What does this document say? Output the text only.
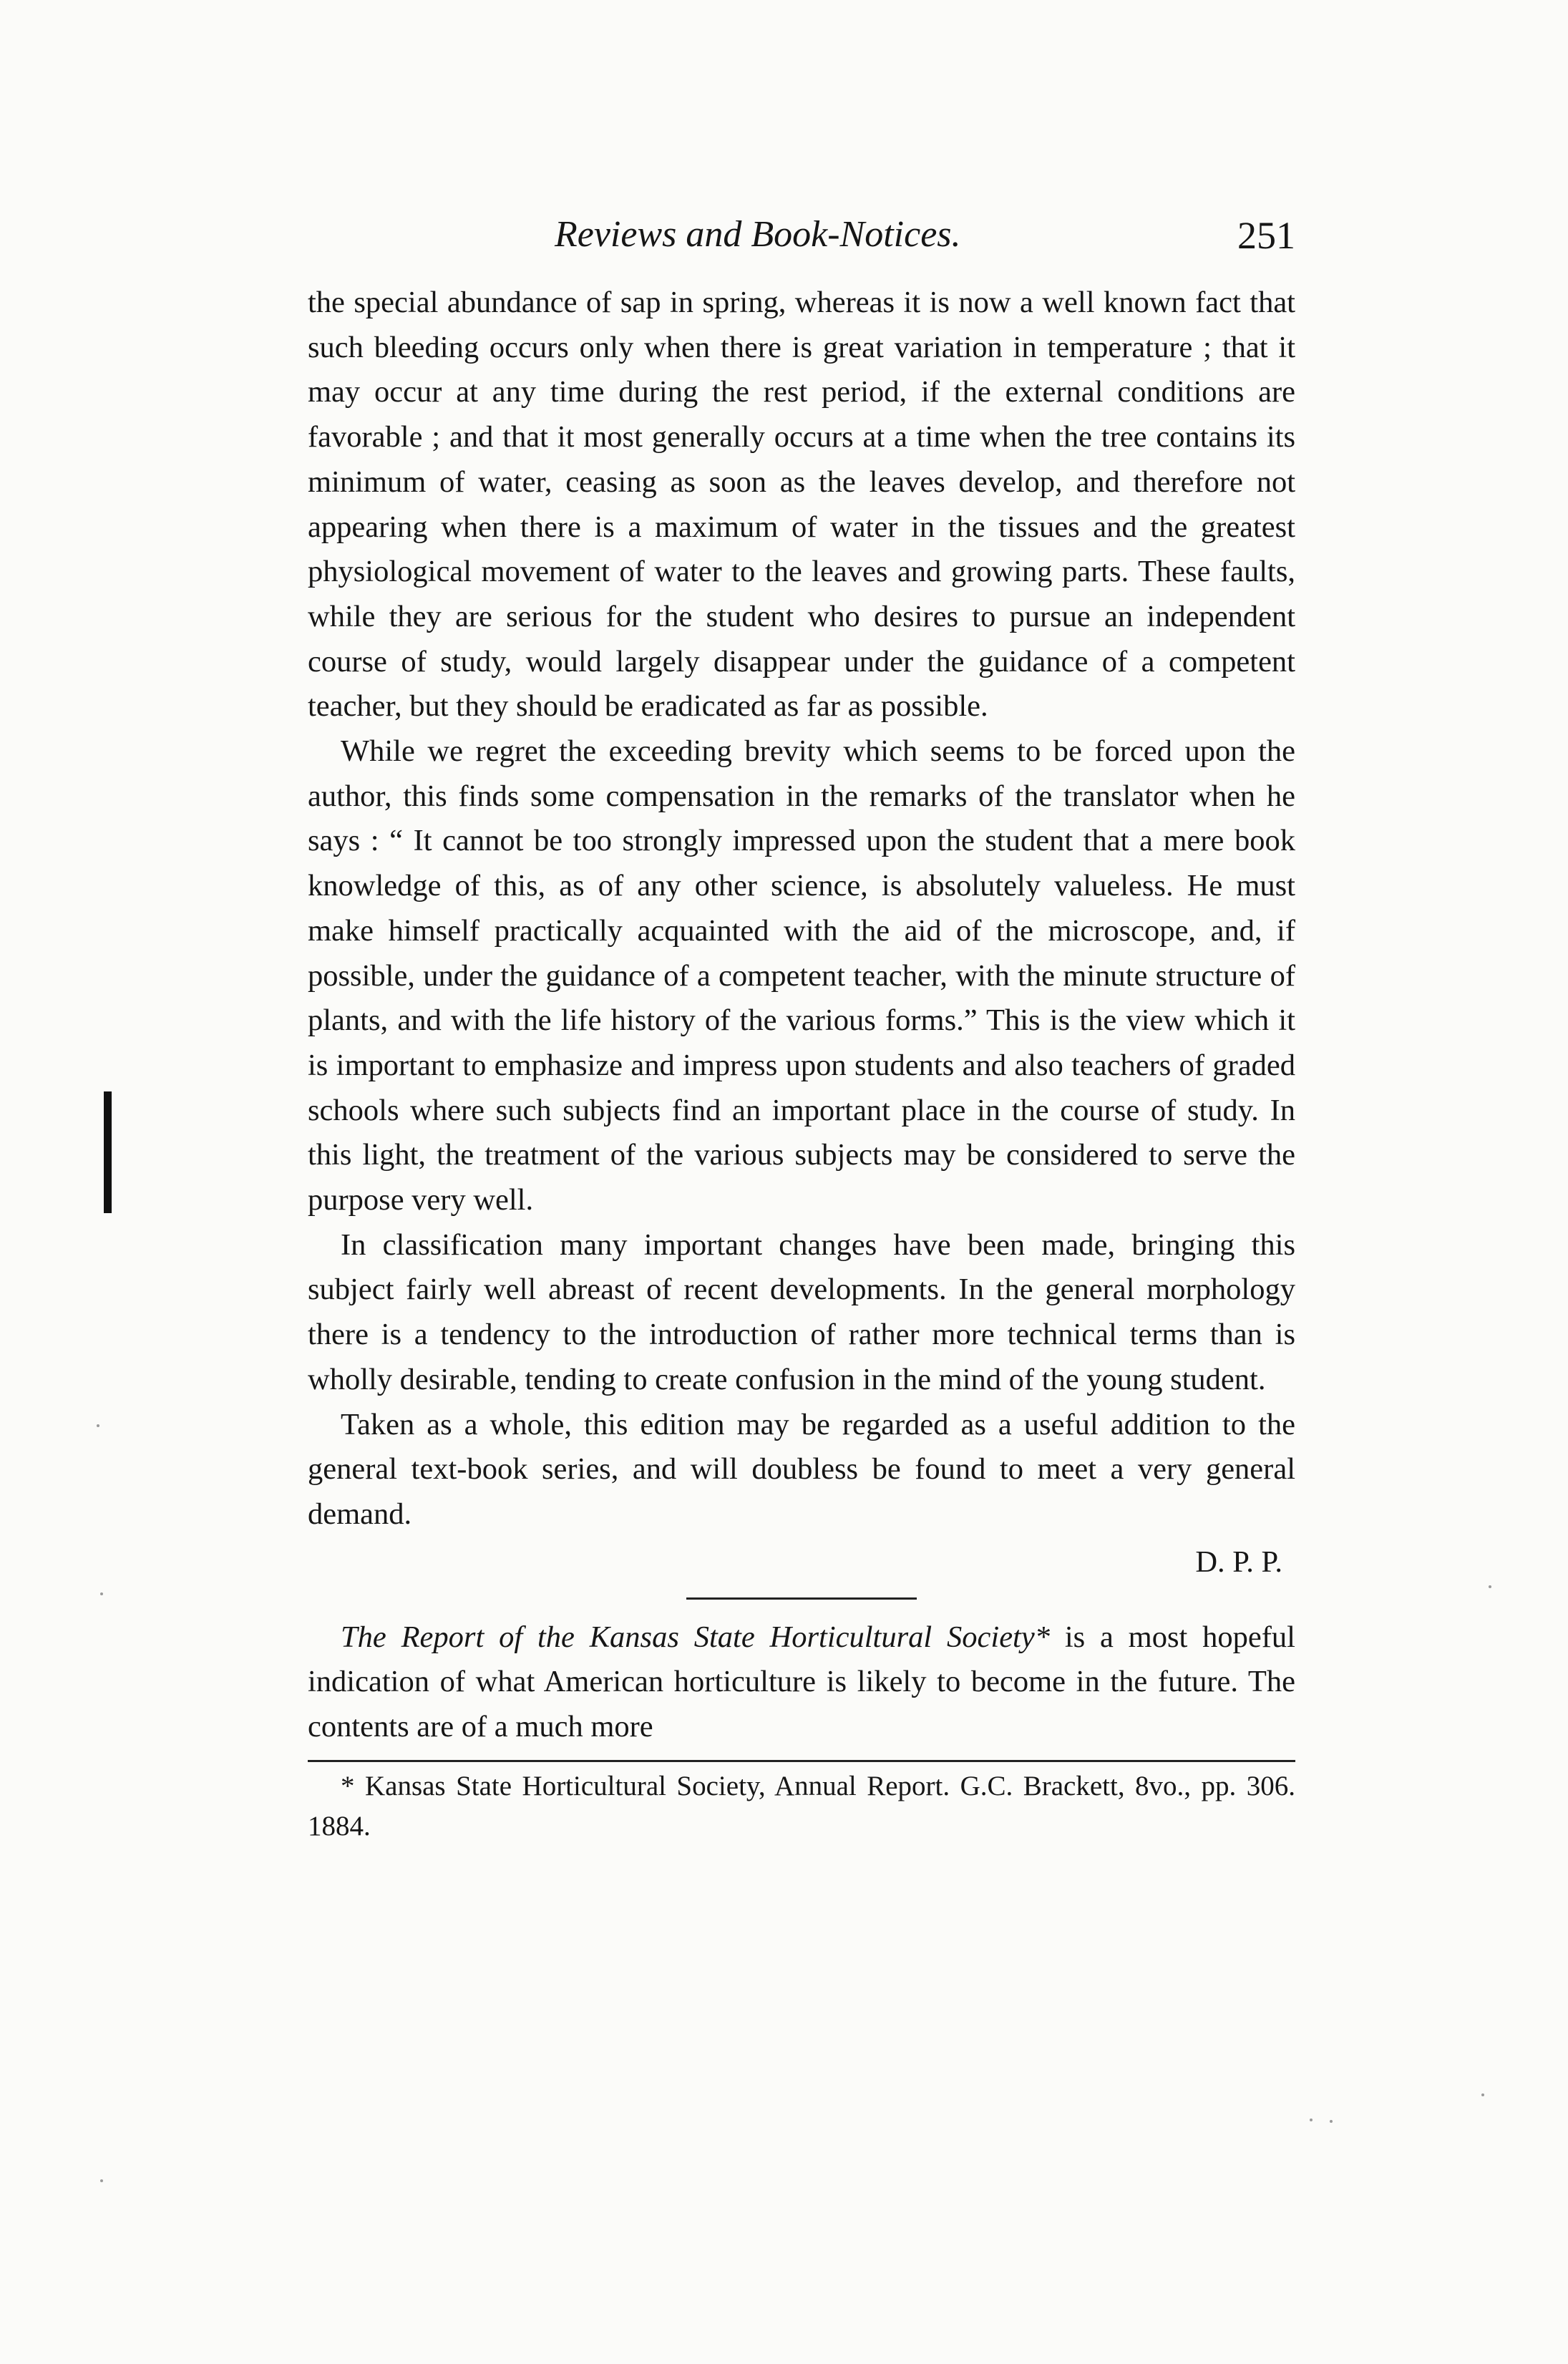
Reviews and Book-Notices.	251

the special abundance of sap in spring, whereas it is now a well known fact that such bleeding occurs only when there is great variation in temperature ; that it may occur at any time during the rest period, if the external conditions are favorable ; and that it most generally occurs at a time when the tree contains its minimum of water, ceasing as soon as the leaves develop, and therefore not appearing when there is a maximum of water in the tissues and the greatest physiological movement of water to the leaves and growing parts. These faults, while they are serious for the student who desires to pursue an independent course of study, would largely disappear under the guidance of a competent teacher, but they should be eradicated as far as possible.

While we regret the exceeding brevity which seems to be forced upon the author, this finds some compensation in the remarks of the translator when he says : “ It cannot be too strongly impressed upon the student that a mere book knowledge of this, as of any other science, is absolutely valueless. He must make himself practically acquainted with the aid of the microscope, and, if possible, under the guidance of a competent teacher, with the minute structure of plants, and with the life history of the various forms.” This is the view which it is important to emphasize and impress upon students and also teachers of graded schools where such subjects find an important place in the course of study. In this light, the treatment of the various subjects may be considered to serve the purpose very well.

In classification many important changes have been made, bringing this subject fairly well abreast of recent developments. In the general morphology there is a tendency to the introduction of rather more technical terms than is wholly desirable, tending to create confusion in the mind of the young student.

Taken as a whole, this edition may be regarded as a useful addition to the general text-book series, and will doubless be found to meet a very general demand.

D. P. P.

The Report of the Kansas State Horticultural Society* is a most hopeful indication of what American horticulture is likely to become in the future. The contents are of a much more

* Kansas State Horticultural Society, Annual Report. G.C. Brackett, 8vo., pp. 306. 1884.
